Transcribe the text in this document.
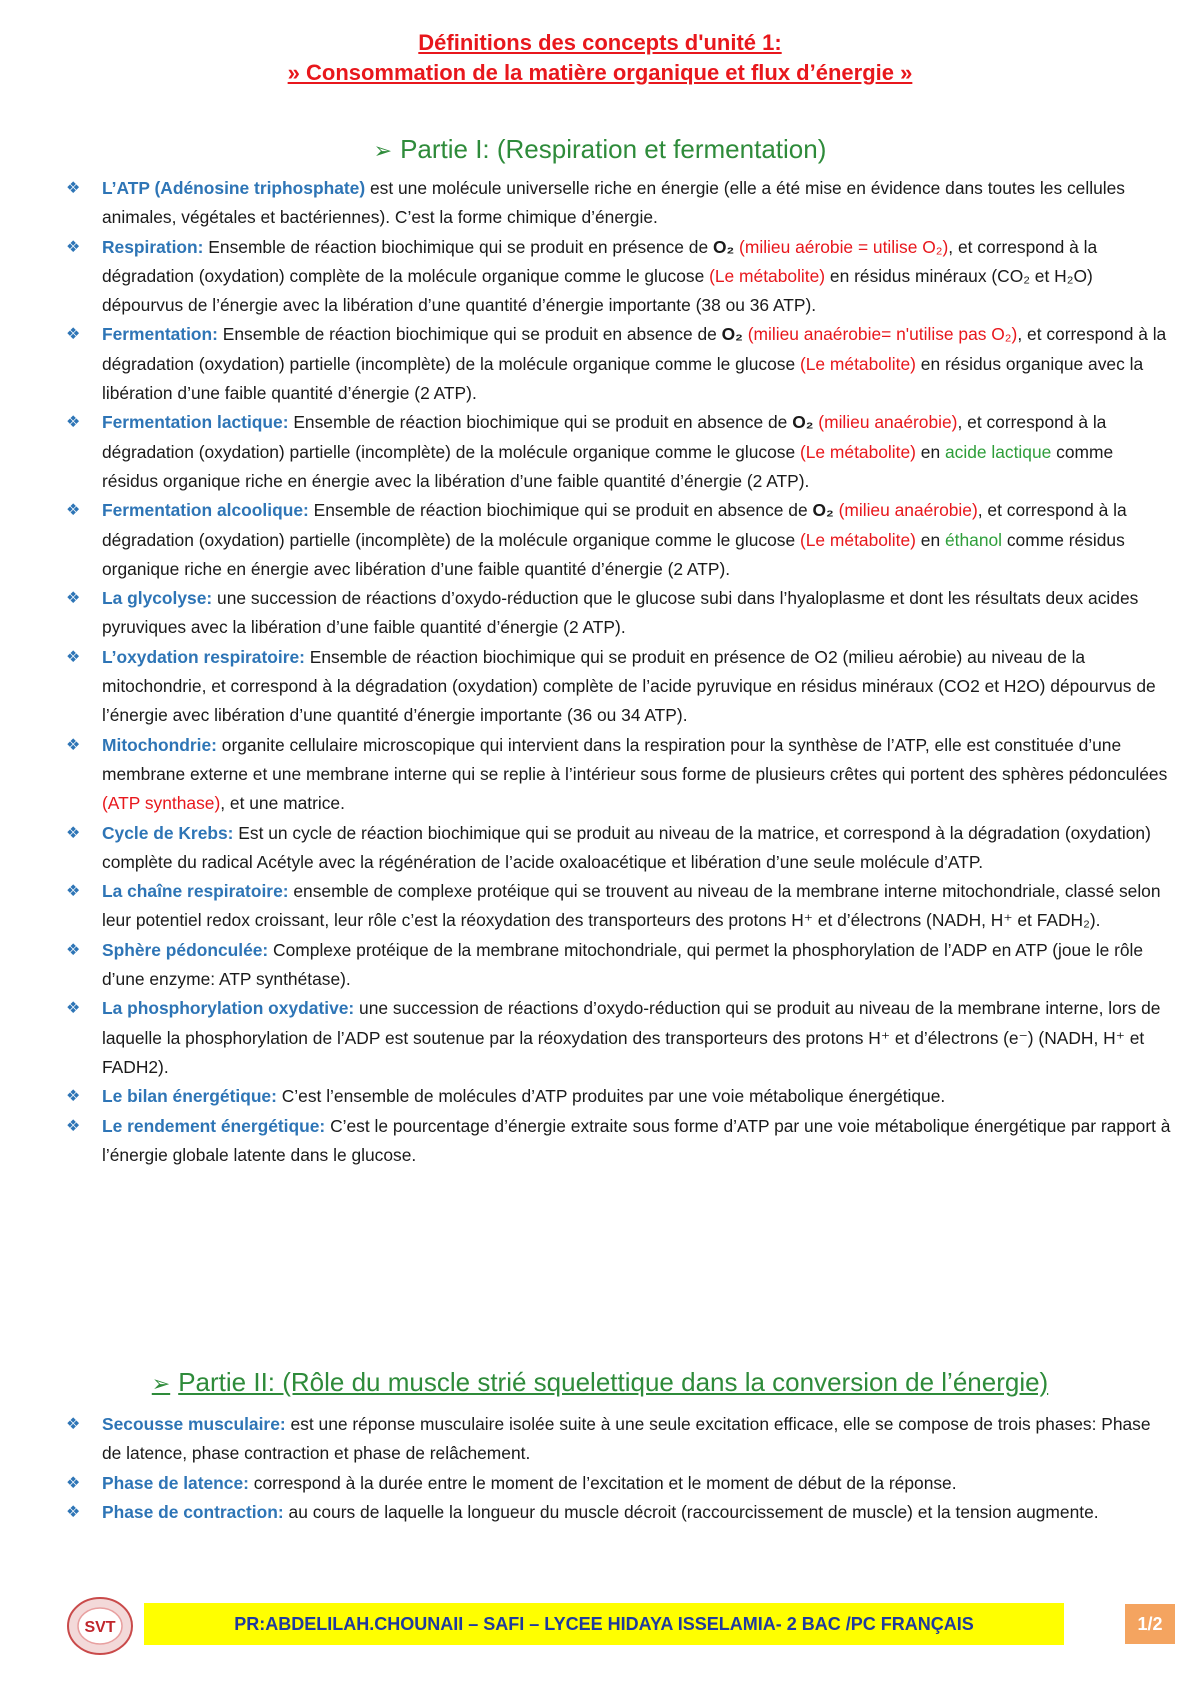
Définitions des concepts d'unité 1:
» Consommation de la matière organique et flux d’énergie »
➢ Partie I: (Respiration et fermentation)
❖ L’ATP (Adénosine triphosphate) est une molécule universelle riche en énergie (elle a été mise en évidence dans toutes les cellules animales, végétales et bactériennes). C’est la forme chimique d’énergie.
❖ Respiration: Ensemble de réaction biochimique qui se produit en présence de O₂ (milieu aérobie = utilise O₂), et correspond à la dégradation (oxydation) complète de la molécule organique comme le glucose (Le métabolite) en résidus minéraux (CO₂ et H₂O) dépourvus de l’énergie avec la libération d’une quantité d’énergie importante (38 ou 36 ATP).
❖ Fermentation: Ensemble de réaction biochimique qui se produit en absence de O₂ (milieu anaérobie= n'utilise pas O₂), et correspond à la dégradation (oxydation) partielle (incomplète) de la molécule organique comme le glucose (Le métabolite) en résidus organique avec la libération d’une faible quantité d’énergie (2 ATP).
❖ Fermentation lactique: Ensemble de réaction biochimique qui se produit en absence de O₂ (milieu anaérobie), et correspond à la dégradation (oxydation) partielle (incomplète) de la molécule organique comme le glucose (Le métabolite) en acide lactique comme résidus organique riche en énergie avec la libération d’une faible quantité d’énergie (2 ATP).
❖ Fermentation alcoolique: Ensemble de réaction biochimique qui se produit en absence de O₂ (milieu anaérobie), et correspond à la dégradation (oxydation) partielle (incomplète) de la molécule organique comme le glucose (Le métabolite) en éthanol comme résidus organique riche en énergie avec libération d’une faible quantité d’énergie (2 ATP).
❖ La glycolyse: une succession de réactions d’oxydo-réduction que le glucose subi dans l’hyaloplasme et dont les résultats deux acides pyruviques avec la libération d’une faible quantité d’énergie (2 ATP).
❖ L’oxydation respiratoire: Ensemble de réaction biochimique qui se produit en présence de O2 (milieu aérobie) au niveau de la mitochondrie, et correspond à la dégradation (oxydation) complète de l’acide pyruvique en résidus minéraux (CO2 et H2O) dépourvus de l’énergie avec libération d’une quantité d’énergie importante (36 ou 34 ATP).
❖ Mitochondrie: organite cellulaire microscopique qui intervient dans la respiration pour la synthèse de l’ATP, elle est constituée d’une membrane externe et une membrane interne qui se replie à l’intérieur sous forme de plusieurs crêtes qui portent des sphères pédonculées (ATP synthase), et une matrice.
❖ Cycle de Krebs: Est un cycle de réaction biochimique qui se produit au niveau de la matrice, et correspond à la dégradation (oxydation) complète du radical Acétyle avec la régénération de l’acide oxaloacétique et libération d’une seule molécule d’ATP.
❖ La chaîne respiratoire: ensemble de complexe protéique qui se trouvent au niveau de la membrane interne mitochondriale, classé selon leur potentiel redox croissant, leur rôle c’est la réoxydation des transporteurs des protons H⁺ et d’électrons (NADH, H⁺ et FADH₂).
❖ Sphère pédonculée: Complexe protéique de la membrane mitochondriale, qui permet la phosphorylation de l’ADP en ATP (joue le rôle d’une enzyme: ATP synthétase).
❖ La phosphorylation oxydative: une succession de réactions d’oxydo-réduction qui se produit au niveau de la membrane interne, lors de laquelle la phosphorylation de l’ADP est soutenue par la réoxydation des transporteurs des protons H⁺ et d’électrons (e⁻) (NADH, H⁺ et FADH2).
❖ Le bilan énergétique: C’est l’ensemble de molécules d’ATP produites par une voie métabolique énergétique.
❖ Le rendement énergétique: C’est le pourcentage d’énergie extraite sous forme d’ATP par une voie métabolique énergétique par rapport à l’énergie globale latente dans le glucose.
➢ Partie II: (Rôle du muscle strié squelettique dans la conversion de l’énergie)
❖ Secousse musculaire: est une réponse musculaire isolée suite à une seule excitation efficace, elle se compose de trois phases: Phase de latence, phase contraction et phase de relâchement.
❖ Phase de latence: correspond à la durée entre le moment de l’excitation et le moment de début de la réponse.
❖ Phase de contraction: au cours de laquelle la longueur du muscle décroit (raccourcissement de muscle) et la tension augmente.
SVT	PR:ABDELILAH.CHOUNAII – SAFI – LYCEE HIDAYA ISSELAMIA- 2 BAC /PC FRANÇAIS	1/2
